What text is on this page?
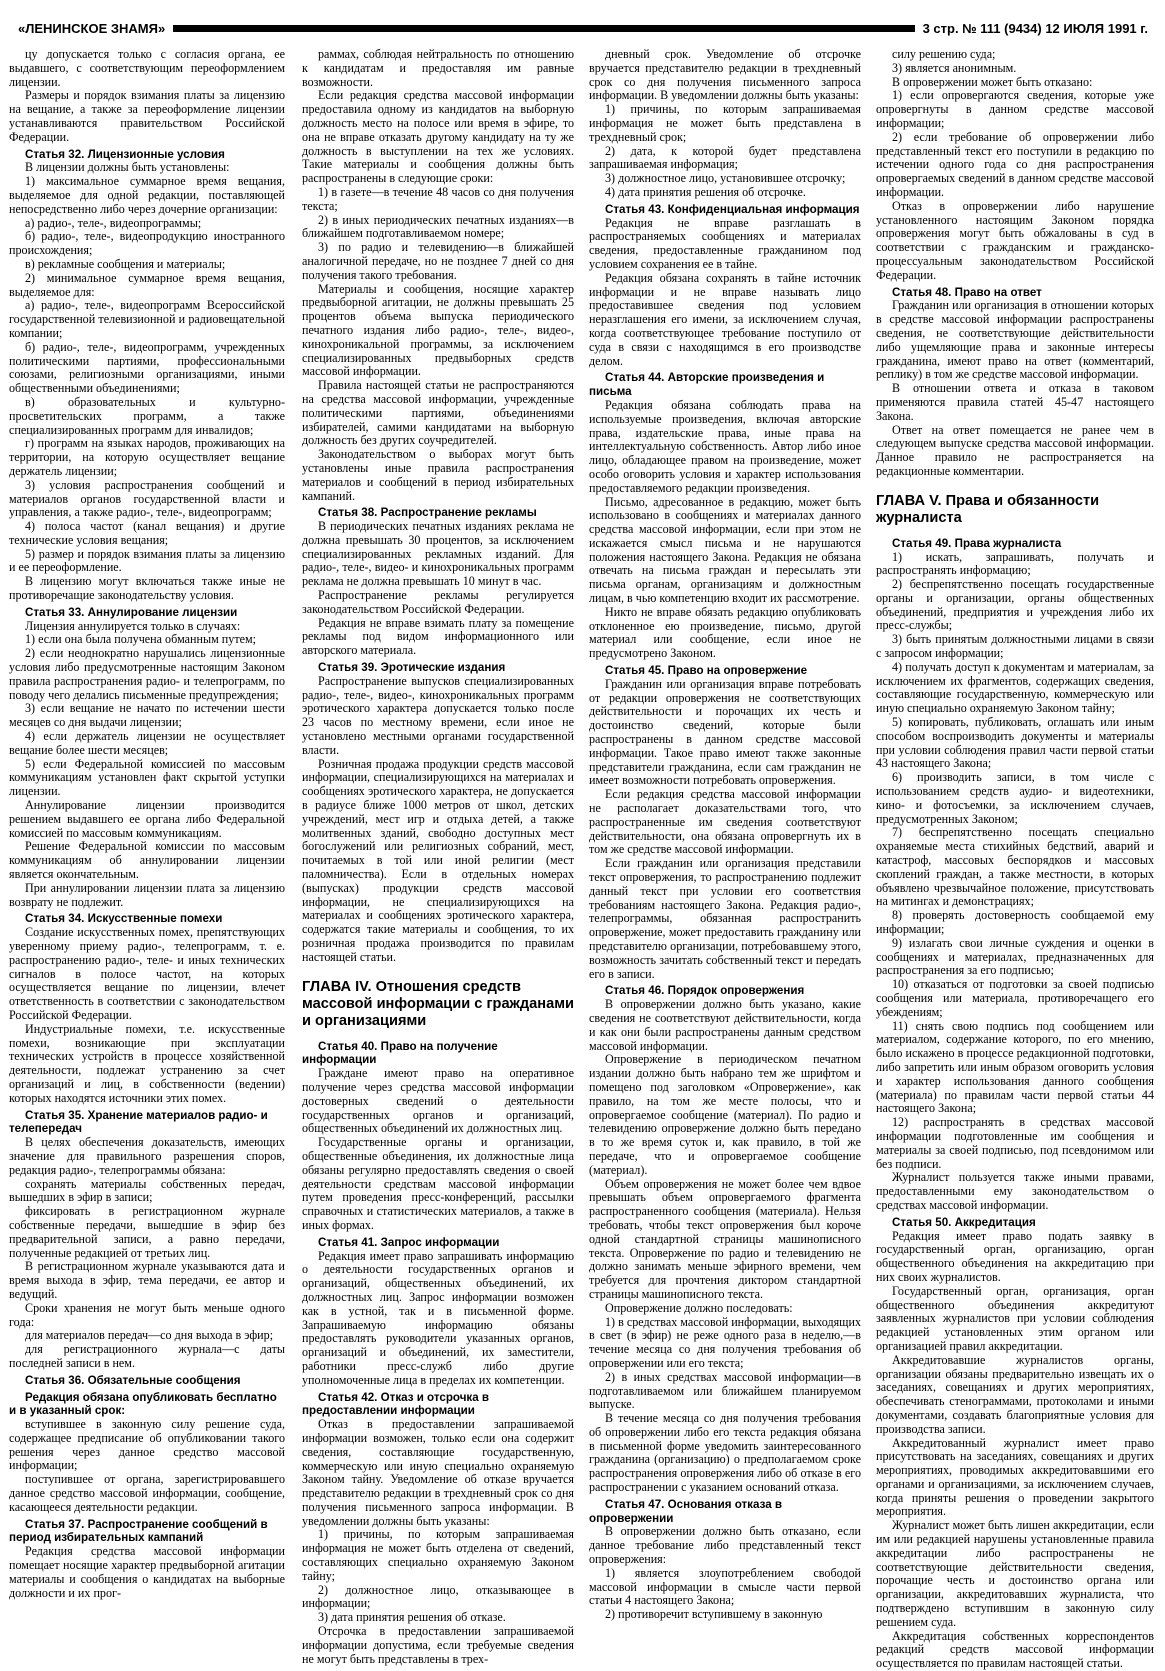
«ЛЕНИНСКОЕ ЗНАМЯ»	3 стр. № 111 (9434) 12 ИЮЛЯ 1991 г.

цу допускается только с согласия органа, ее выдавшего, с соответствующим переоформлением лицензии.

Размеры и порядок взимания платы за лицензию на вещание, а также за переоформление лицензии устанавливаются правительством Российской Федерации.

Статья 32. Лицензионные условия

В лицензии должны быть установлены:

1) максимальное суммарное время вещания, выделяемое для одной редакции, поставляющей непосредственно либо через дочерние организации:

а) радио-, теле-, видеопрограммы;

б) радио-, теле-, видеопродукцию иностранного происхождения;

в) рекламные сообщения и материалы;

2) минимальное суммарное время вещания, выделяемое для:

а) радио-, теле-, видеопрограмм Всероссийской государственной телевизионной и радиовещательной компании;

б) радио-, теле-, видеопрограмм, учрежденных политическими партиями, профессиональными союзами, религиозными организациями, иными общественными объединениями;

в) образовательных и культурно-просветительских программ, а также специализированных программ для инвалидов;

г) программ на языках народов, проживающих на территории, на которую осуществляет вещание держатель лицензии;

3) условия распространения сообщений и материалов органов государственной власти и управления, а также радио-, теле-, видеопрограмм;

4) полоса частот (канал вещания) и другие технические условия вещания;

5) размер и порядок взимания платы за лицензию и ее переоформление.

В лицензию могут включаться также иные не противоречащие законодательству условия.

Статья 33. Аннулирование лицензии

Лицензия аннулируется только в случаях:

1) если она была получена обманным путем;

2) если неоднократно нарушались лицензионные условия либо предусмотренные настоящим Законом правила распространения радио- и телепрограмм, по поводу чего делались письменные предупреждения;

3) если вещание не начато по истечении шести месяцев со дня выдачи лицензии;

4) если держатель лицензии не осуществляет вещание более шести месяцев;

5) если Федеральной комиссией по массовым коммуникациям установлен факт скрытой уступки лицензии.

Аннулирование лицензии производится решением выдавшего ее органа либо Федеральной комиссией по массовым коммуникациям.

Решение Федеральной комиссии по массовым коммуникациям об аннулировании лицензии является окончательным.

При аннулировании лицензии плата за лицензию возврату не подлежит.

Статья 34. Искусственные помехи

Создание искусственных помех, препятствующих уверенному приему радио-, телепрограмм, т. е. распространению радио-, теле- и иных технических сигналов в полосе частот, на которых осуществляется вещание по лицензии, влечет ответственность в соответствии с законодательством Российской Федерации.

Индустриальные помехи, т.е. искусственные помехи, возникающие при эксплуатации технических устройств в процессе хозяйственной деятельности, подлежат устранению за счет организаций и лиц, в собственности (ведении) которых находятся источники этих помех.

Статья 35. Хранение материалов радио- и телепередач

В целях обеспечения доказательств, имеющих значение для правильного разрешения споров, редакция радио-, телепрограммы обязана:

сохранять материалы собственных передач, вышедших в эфир в записи;

фиксировать в регистрационном журнале собственные передачи, вышедшие в эфир без предварительной записи, а равно передачи, полученные редакцией от третьих лиц.

В регистрационном журнале указываются дата и время выхода в эфир, тема передачи, ее автор и ведущий.

Сроки хранения не могут быть меньше одного года:

для материалов передач—со дня выхода в эфир;

для регистрационного журнала—с даты последней записи в нем.

Статья 36. Обязательные сообщения

Редакция обязана опубликовать бесплатно и в указанный срок:

вступившее в законную силу решение суда, содержащее предписание об опубликовании такого решения через данное средство массовой информации;

поступившее от органа, зарегистрировавшего данное средство массовой информации, сообщение, касающееся деятельности редакции.

Статья 37. Распространение сообщений в период избирательных кампаний

Редакция средства массовой информации помещает носящие характер предвыборной агитации материалы и сообщения о кандидатах на выборные должности и их прог-

раммах, соблюдая нейтральность по отношению к кандидатам и предоставляя им равные возможности.

Если редакция средства массовой информации предоставила одному из кандидатов на выборную должность место на полосе или время в эфире, то она не вправе отказать другому кандидату на ту же должность в выступлении на тех же условиях. Такие материалы и сообщения должны быть распространены в следующие сроки:

1) в газете—в течение 48 часов со дня получения текста;

2) в иных периодических печатных изданиях—в ближайшем подготавливаемом номере;

3) по радио и телевидению—в ближайшей аналогичной передаче, но не позднее 7 дней со дня получения такого требования.

Материалы и сообщения, носящие характер предвыборной агитации, не должны превышать 25 процентов объема выпуска периодического печатного издания либо радио-, теле-, видео-, кинохроникальной программы, за исключением специализированных предвыборных средств массовой информации.

Правила настоящей статьи не распространяются на средства массовой информации, учрежденные политическими партиями, объединениями избирателей, самими кандидатами на выборную должность без других соучредителей.

Законодательством о выборах могут быть установлены иные правила распространения материалов и сообщений в период избирательных кампаний.

Статья 38. Распространение рекламы

В периодических печатных изданиях реклама не должна превышать 30 процентов, за исключением специализированных рекламных изданий. Для радио-, теле-, видео- и кинохроникальных программ реклама не должна превышать 10 минут в час.

Распространение рекламы регулируется законодательством Российской Федерации.

Редакция не вправе взимать плату за помещение рекламы под видом информационного или авторского материала.

Статья 39. Эротические издания

Распространение выпусков специализированных радио-, теле-, видео-, кинохроникальных программ эротического характера допускается только после 23 часов по местному времени, если иное не установлено местными органами государственной власти.

Розничная продажа продукции средств массовой информации, специализирующихся на материалах и сообщениях эротического характера, не допускается в радиусе ближе 1000 метров от школ, детских учреждений, мест игр и отдыха детей, а также молитвенных зданий, свободно доступных мест богослужений или религиозных собраний, мест, почитаемых в той или иной религии (мест паломничества). Если в отдельных номерах (выпусках) продукции средств массовой информации, не специализирующихся на материалах и сообщениях эротического характера, содержатся такие материалы и сообщения, то их розничная продажа производится по правилам настоящей статьи.

ГЛАВА IV. Отношения средств массовой информации с гражданами и организациями

Статья 40. Право на получение информации

Граждане имеют право на оперативное получение через средства массовой информации достоверных сведений о деятельности государственных органов и организаций, общественных объединений их должностных лиц.

Государственные органы и организации, общественные объединения, их должностные лица обязаны регулярно предоставлять сведения о своей деятельности средствам массовой информации путем проведения пресс-конференций, рассылки справочных и статистических материалов, а также в иных формах.

Статья 41. Запрос информации

Редакция имеет право запрашивать информацию о деятельности государственных органов и организаций, общественных объединений, их должностных лиц. Запрос информации возможен как в устной, так и в письменной форме. Запрашиваемую информацию обязаны предоставлять руководители указанных органов, организаций и объединений, их заместители, работники пресс-служб либо другие уполномоченные лица в пределах их компетенции.

Статья 42. Отказ и отсрочка в предоставлении информации

Отказ в предоставлении запрашиваемой информации возможен, только если она содержит сведения, составляющие государственную, коммерческую или иную специально охраняемую Законом тайну. Уведомление об отказе вручается представителю редакции в трехдневный срок со дня получения письменного запроса информации. В уведомлении должны быть указаны:

1) причины, по которым запрашиваемая информация не может быть отделена от сведений, составляющих специально охраняемую Законом тайну;

2) должностное лицо, отказывающее в информации;

3) дата принятия решения об отказе.

Отсрочка в предоставлении запрашиваемой информации допустима, если требуемые сведения не могут быть представлены в трех-

дневный срок. Уведомление об отсрочке вручается представителю редакции в трехдневный срок со дня получения письменного запроса информации. В уведомлении должны быть указаны:

1) причины, по которым запрашиваемая информация не может быть представлена в трехдневный срок;

2) дата, к которой будет представлена запрашиваемая информация;

3) должностное лицо, установившее отсрочку;

4) дата принятия решения об отсрочке.

Статья 43. Конфиденциальная информация

Редакция не вправе разглашать в распространяемых сообщениях и материалах сведения, предоставленные гражданином под условием сохранения ее в тайне.

Редакция обязана сохранять в тайне источник информации и не вправе называть лицо предоставившее сведения под условием неразглашения его имени, за исключением случая, когда соответствующее требование поступило от суда в связи с находящимся в его производстве делом.

Статья 44. Авторские произведения и письма

Редакция обязана соблюдать права на используемые произведения, включая авторские права, издательские права, иные права на интеллектуальную собственность. Автор либо иное лицо, обладающее правом на произведение, может особо оговорить условия и характер использования предоставляемого редакции произведения.

Письмо, адресованное в редакцию, может быть использовано в сообщениях и материалах данного средства массовой информации, если при этом не искажается смысл письма и не нарушаются положения настоящего Закона. Редакция не обязана отвечать на письма граждан и пересылать эти письма органам, организациям и должностным лицам, в чью компетенцию входит их рассмотрение.

Никто не вправе обязать редакцию опубликовать отклоненное ею произведение, письмо, другой материал или сообщение, если иное не предусмотрено Законом.

Статья 45. Право на опровержение

Гражданин или организация вправе потребовать от редакции опровержения не соответствующих действительности и порочащих их честь и достоинство сведений, которые были распространены в данном средстве массовой информации. Такое право имеют также законные представители гражданина, если сам гражданин не имеет возможности потребовать опровержения.

Если редакция средства массовой информации не располагает доказательствами того, что распространенные им сведения соответствуют действительности, она обязана опровергнуть их в том же средстве массовой информации.

Если гражданин или организация представили текст опровержения, то распространению подлежит данный текст при условии его соответствия требованиям настоящего Закона. Редакция радио-, телепрограммы, обязанная распространить опровержение, может предоставить гражданину или представителю организации, потребовавшему этого, возможность зачитать собственный текст и передать его в записи.

Статья 46. Порядок опровержения

В опровержении должно быть указано, какие сведения не соответствуют действительности, когда и как они были распространены данным средством массовой информации.

Опровержение в периодическом печатном издании должно быть набрано тем же шрифтом и помещено под заголовком «Опровержение», как правило, на том же месте полосы, что и опровергаемое сообщение (материал). По радио и телевидению опровержение должно быть передано в то же время суток и, как правило, в той же передаче, что и опровергаемое сообщение (материал).

Объем опровержения не может более чем вдвое превышать объем опровергаемого фрагмента распространенного сообщения (материала). Нельзя требовать, чтобы текст опровержения был короче одной стандартной страницы машинописного текста. Опровержение по радио и телевидению не должно занимать меньше эфирного времени, чем требуется для прочтения диктором стандартной страницы машинописного текста.

Опровержение должно последовать:

1) в средствах массовой информации, выходящих в свет (в эфир) не реже одного раза в неделю,—в течение месяца со дня получения требования об опровержении или его текста;

2) в иных средствах массовой информации—в подготавливаемом или ближайшем планируемом выпуске.

В течение месяца со дня получения требования об опровержении либо его текста редакция обязана в письменной форме уведомить заинтересованного гражданина (организацию) о предполагаемом сроке распространения опровержения либо об отказе в его распространении с указанием оснований отказа.

Статья 47. Основания отказа в опровержении

В опровержении должно быть отказано, если данное требование либо представленный текст опровержения:

1) является злоупотреблением свободой массовой информации в смысле части первой статьи 4 настоящего Закона;

2) противоречит вступившему в законную

силу решению суда;

3) является анонимным.

В опровержении может быть отказано:

1) если опровергаются сведения, которые уже опровергнуты в данном средстве массовой информации;

2) если требование об опровержении либо представленный текст его поступили в редакцию по истечении одного года со дня распространения опровергаемых сведений в данном средстве массовой информации.

Отказ в опровержении либо нарушение установленного настоящим Законом порядка опровержения могут быть обжалованы в суд в соответствии с гражданским и гражданско-процессуальным законодательством Российской Федерации.

Статья 48. Право на ответ

Гражданин или организация в отношении которых в средстве массовой информации распространены сведения, не соответствующие действительности либо ущемляющие права и законные интересы гражданина, имеют право на ответ (комментарий, реплику) в том же средстве массовой информации.

В отношении ответа и отказа в таковом применяются правила статей 45-47 настоящего Закона.

Ответ на ответ помещается не ранее чем в следующем выпуске средства массовой информации. Данное правило не распространяется на редакционные комментарии.

ГЛАВА V. Права и обязанности журналиста

Статья 49. Права журналиста

1) искать, запрашивать, получать и распространять информацию;

2) беспрепятственно посещать государственные органы и организации, органы общественных объединений, предприятия и учреждения либо их пресс-службы;

3) быть принятым должностными лицами в связи с запросом информации;

4) получать доступ к документам и материалам, за исключением их фрагментов, содержащих сведения, составляющие государственную, коммерческую или иную специально охраняемую Законом тайну;

5) копировать, публиковать, оглашать или иным способом воспроизводить документы и материалы при условии соблюдения правил части первой статьи 43 настоящего Закона;

6) производить записи, в том числе с использованием средств аудио- и видеотехники, кино- и фотосъемки, за исключением случаев, предусмотренных Законом;

7) беспрепятственно посещать специально охраняемые места стихийных бедствий, аварий и катастроф, массовых беспорядков и массовых скоплений граждан, а также местности, в которых объявлено чрезвычайное положение, присутствовать на митингах и демонстрациях;

8) проверять достоверность сообщаемой ему информации;

9) излагать свои личные суждения и оценки в сообщениях и материалах, предназначенных для распространения за его подписью;

10) отказаться от подготовки за своей подписью сообщения или материала, противоречащего его убеждениям;

11) снять свою подпись под сообщением или материалом, содержание которого, по его мнению, было искажено в процессе редакционной подготовки, либо запретить или иным образом оговорить условия и характер использования данного сообщения (материала) по правилам части первой статьи 44 настоящего Закона;

12) распространять в средствах массовой информации подготовленные им сообщения и материалы за своей подписью, под псевдонимом или без подписи.

Журналист пользуется также иными правами, предоставленными ему законодательством о средствах массовой информации.

Статья 50. Аккредитация

Редакция имеет право подать заявку в государственный орган, организацию, орган общественного объединения на аккредитацию при них своих журналистов.

Государственный орган, организация, орган общественного объединения аккредитуют заявленных журналистов при условии соблюдения редакцией установленных этим органом или организацией правил аккредитации.

Аккредитовавшие журналистов органы, организации обязаны предварительно извещать их о заседаниях, совещаниях и других мероприятиях, обеспечивать стенограммами, протоколами и иными документами, создавать благоприятные условия для производства записи.

Аккредитованный журналист имеет право присутствовать на заседаниях, совещаниях и других мероприятиях, проводимых аккредитовавшими его органами и организациями, за исключением случаев, когда приняты решения о проведении закрытого мероприятия.

Журналист может быть лишен аккредитации, если им или редакцией нарушены установленные правила аккредитации либо распространены не соответствующие действительности сведения, порочащие честь и достоинство органа или организации, аккредитовавших журналиста, что подтверждено вступившим в законную силу решением суда.

Аккредитация собственных корреспондентов редакций средств массовой информации осуществляется по правилам настоящей статьи.
